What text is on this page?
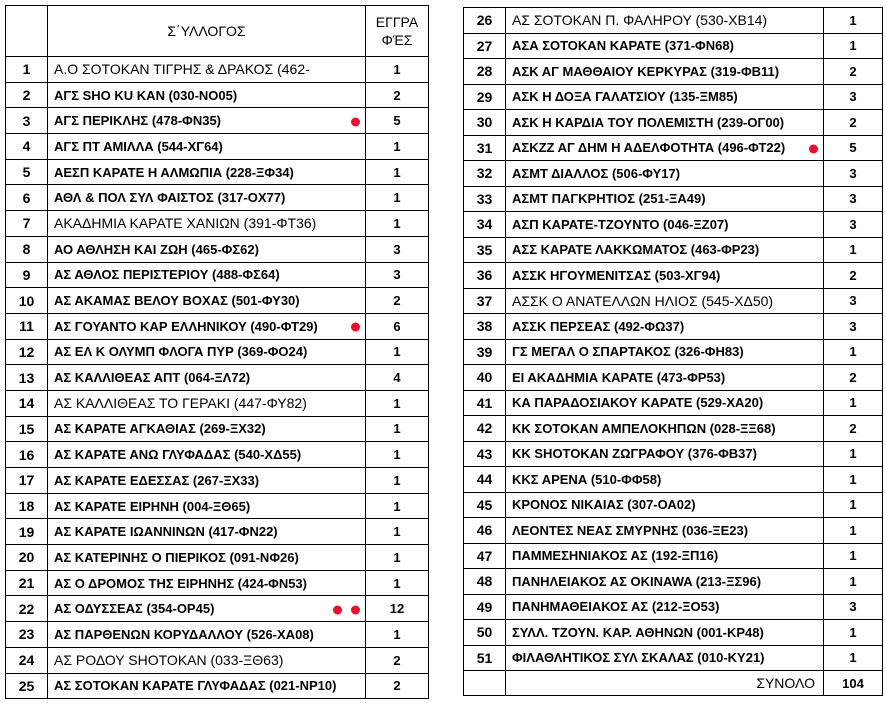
	Σ΄ΥΛΛΟΓΟΣ	ΕΓΓΡΑ ΦΈΣ
1	Α.Ο ΣΟΤΟΚΑΝ ΤΙΓΡΗΣ & ΔΡΑΚΟΣ (462-	1
2	ΑΓΣ SHO KU KAN (030-ΝΟ05)	2
3	ΑΓΣ ΠΕΡΙΚΛΗΣ (478-ΦΝ35)	5
4	ΑΓΣ ΠΤ ΑΜΙΛΛΑ (544-ΧΓ64)	1
5	ΑΕΣΠ ΚΑΡΑΤΕ Η ΑΛΜΩΠΙΑ (228-ΞΦ34)	1
6	ΑΘΛ & ΠΟΛ ΣΥΛ ΦΑΙΣΤΟΣ (317-ΟΧ77)	1
7	ΑΚΑΔΗΜΙΑ ΚΑΡΑΤΕ ΧΑΝΙΩΝ (391-ΦΤ36)	1
8	ΑΟ ΑΘΛΗΣΗ ΚΑΙ ΖΩΗ (465-ΦΣ62)	3
9	ΑΣ ΑΘΛΟΣ ΠΕΡΙΣΤΕΡΙΟΥ (488-ΦΣ64)	3
10	ΑΣ ΑΚΑΜΑΣ ΒΕΛΟΥ ΒΟΧΑΣ (501-ΦΥ30)	2
11	ΑΣ ΓΟΥΑΝΤΟ ΚΑΡ ΕΛΛΗΝΙΚΟΥ (490-ΦΤ29)	6
12	ΑΣ ΕΛ Κ ΟΛΥΜΠ ΦΛΟΓΑ ΠΥΡ (369-ΦΟ24)	1
13	ΑΣ ΚΑΛΛΙΘΕΑΣ ΑΠΤ (064-ΞΛ72)	4
14	ΑΣ ΚΑΛΛΙΘΕΑΣ ΤΟ ΓΕΡΑΚΙ (447-ΦΥ82)	1
15	ΑΣ ΚΑΡΑΤΕ ΑΓΚΑΘΙΑΣ (269-ΞΧ32)	1
16	ΑΣ ΚΑΡΑΤΕ ΑΝΩ ΓΛΥΦΑΔΑΣ (540-ΧΔ55)	1
17	ΑΣ ΚΑΡΑΤΕ ΕΔΕΣΣΑΣ (267-ΞΧ33)	1
18	ΑΣ ΚΑΡΑΤΕ ΕΙΡΗΝΗ (004-ΞΘ65)	1
19	ΑΣ ΚΑΡΑΤΕ ΙΩΑΝΝΙΝΩΝ (417-ΦΝ22)	1
20	ΑΣ ΚΑΤΕΡΙΝΗΣ Ο ΠΙΕΡΙΚΟΣ (091-ΝΦ26)	1
21	ΑΣ Ο ΔΡΟΜΟΣ ΤΗΣ ΕΙΡΗΝΗΣ (424-ΦΝ53)	1
22	ΑΣ ΟΔΥΣΣΕΑΣ (354-ΟΡ45)	12
23	ΑΣ ΠΑΡΘΕΝΩΝ ΚΟΡΥΔΑΛΛΟΥ (526-ΧΑ08)	1
24	ΑΣ ΡΟΔΟΥ SHOTOKAN (033-ΞΘ63)	2
25	ΑΣ ΣΟΤΟΚΑΝ ΚΑΡΑΤΕ ΓΛΥΦΑΔΑΣ (021-ΝΡ10)	2
26	ΑΣ ΣΟΤΟΚΑΝ Π. ΦΑΛΗΡΟΥ (530-ΧΒ14)	1
27	ΑΣΑ ΣΟΤΟΚΑΝ ΚΑΡΑΤΕ (371-ΦΝ68)	1
28	ΑΣΚ ΑΓ ΜΑΘΘΑΙΟΥ ΚΕΡΚΥΡΑΣ (319-ΦΒ11)	2
29	ΑΣΚ Η ΔΟΞΑ ΓΑΛΑΤΣΙΟΥ (135-ΞΜ85)	3
30	ΑΣΚ Η ΚΑΡΔΙΑ ΤΟΥ ΠΟΛΕΜΙΣΤΗ (239-ΟΓ00)	2
31	ΑΣΚΖΖ ΑΓ ΔΗΜ Η ΑΔΕΛΦΟΤΗΤΑ (496-ΦΤ22)	5
32	ΑΣΜΤ ΔΙΑΛΛΟΣ (506-ΦΥ17)	3
33	ΑΣΜΤ ΠΑΓΚΡΗΤΙΟΣ (251-ΞΑ49)	3
34	ΑΣΠ ΚΑΡΑΤΕ-ΤΖΟΥΝΤΟ (046-ΞΖ07)	3
35	ΑΣΣ ΚΑΡΑΤΕ ΛΑΚΚΩΜΑΤΟΣ (463-ΦΡ23)	1
36	ΑΣΣΚ ΗΓΟΥΜΕΝΙΤΣΑΣ (503-ΧΓ94)	2
37	ΑΣΣΚ Ο ΑΝΑΤΕΛΛΩΝ ΗΛΙΟΣ (545-ΧΔ50)	3
38	ΑΣΣΚ ΠΕΡΣΕΑΣ (492-ΦΩ37)	3
39	ΓΣ ΜΕΓΑΛ Ο ΣΠΑΡΤΑΚΟΣ (326-ΦΗ83)	1
40	ΕΙ ΑΚΑΔΗΜΙΑ ΚΑΡΑΤΕ (473-ΦΡ53)	2
41	ΚΑ ΠΑΡΑΔΟΣΙΑΚΟΥ ΚΑΡΑΤΕ (529-ΧΑ20)	1
42	ΚΚ ΣΟΤΟΚΑΝ ΑΜΠΕΛΟΚΗΠΩΝ (028-ΞΞ68)	2
43	ΚΚ SHOTOKAN ΖΩΓΡΑΦΟΥ (376-ΦΒ37)	1
44	ΚΚΣ ΑΡΕΝΑ (510-ΦΦ58)	1
45	ΚΡΟΝΟΣ ΝΙΚΑΙΑΣ (307-ΟΑ02)	1
46	ΛΕΟΝΤΕΣ ΝΕΑΣ ΣΜΥΡΝΗΣ (036-ΞΕ23)	1
47	ΠΑΜΜΕΣΗΝΙΑΚΟΣ ΑΣ (192-ΞΠ16)	1
48	ΠΑΝΗΛΕΙΑΚΟΣ ΑΣ OKINAWA (213-ΞΣ96)	1
49	ΠΑΝΗΜΑΘΕΙΑΚΟΣ ΑΣ (212-ΞΟ53)	3
50	ΣΥΛΛ. ΤΖΟΥΝ. ΚΑΡ. ΑΘΗΝΩΝ (001-ΚΡ48)	1
51	ΦΙΛΑΘΛΗΤΙΚΟΣ ΣΥΛ ΣΚΑΛΑΣ (010-ΚΥ21)	1
	ΣΥΝΟΛΟ	104
